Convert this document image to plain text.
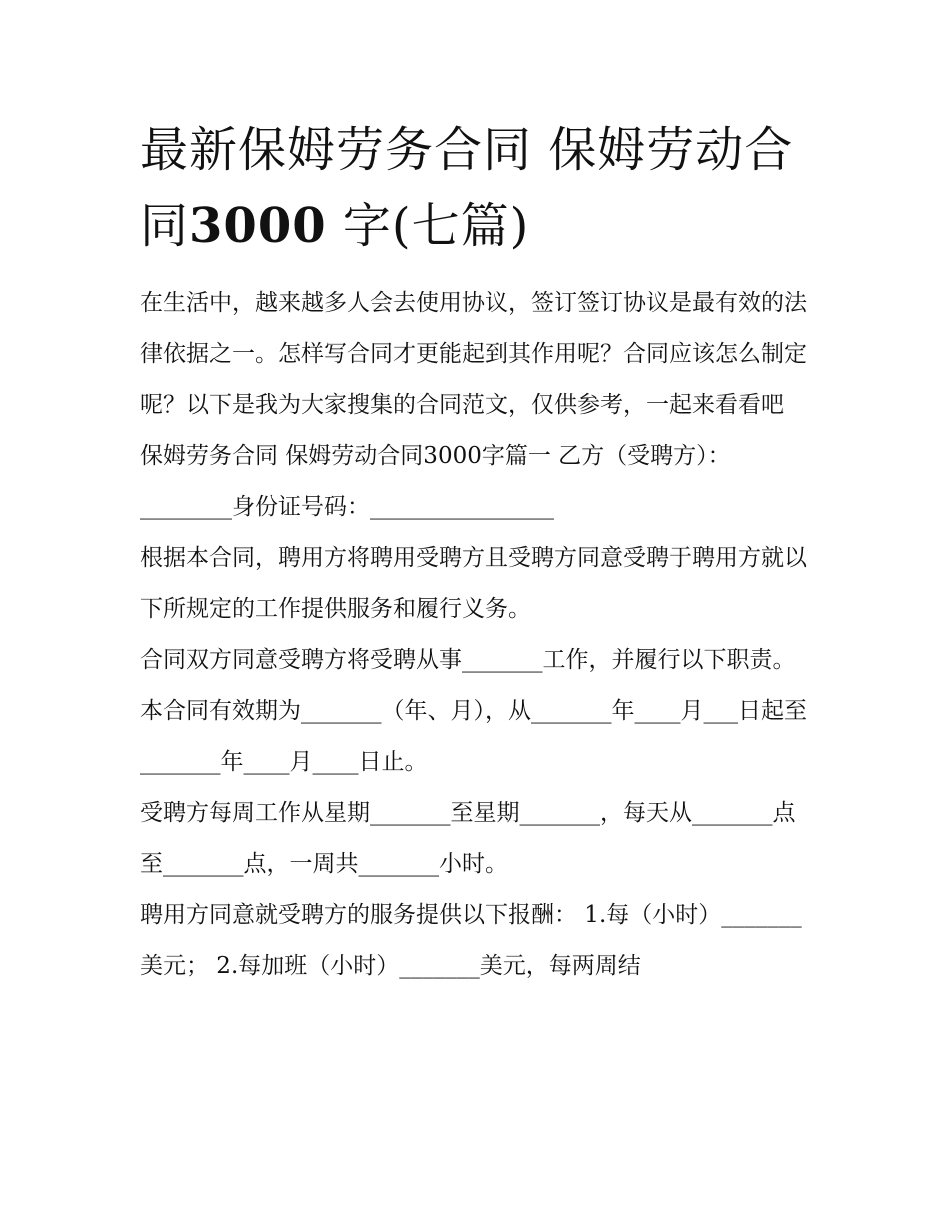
最新保姆劳务合同 保姆劳动合
同3000 字(七篇)

在生活中，越来越多人会去使用协议，签订签订协议是最有效的法律依据之一。怎样写合同才更能起到其作用呢？合同应该怎么制定呢？以下是我为大家搜集的合同范文，仅供参考，一起来看看吧

保姆劳务合同 保姆劳动合同3000字篇一 乙方（受聘方）：________身份证号码：________________

根据本合同，聘用方将聘用受聘方且受聘方同意受聘于聘用方就以下所规定的工作提供服务和履行义务。

合同双方同意受聘方将受聘从事_______工作，并履行以下职责。

本合同有效期为_______（年、月），从_______年____月___日起至_______年____月____日止。

受聘方每周工作从星期_______至星期_______，每天从_______点至_______点，一周共_______小时。

聘用方同意就受聘方的服务提供以下报酬： 1.每（小时）_______美元； 2.每加班（小时）_______美元，每两周结
